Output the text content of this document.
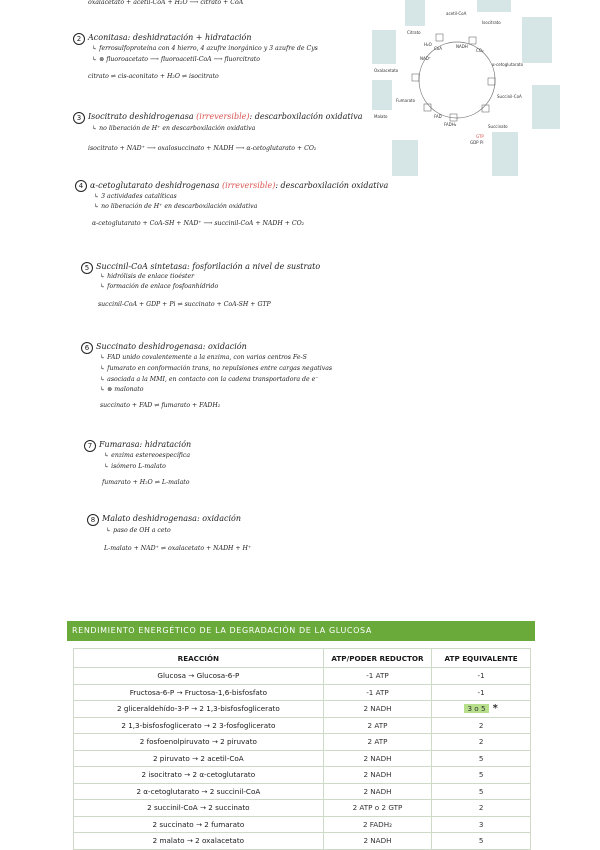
oxalacetato + acetil-CoA + H₂O ⟶ citrato + CoA
2 Aconitasa: deshidratación + hidratación
↳ ferrosulfoproteína con 4 hierro, 4 azufre inorgánico y 3 azufre de Cys
↳ ⊗ fluoroacetato ⟶ fluoroacetil-CoA ⟶ fluorcitrato
citrato ⇌ cis-aconitato + H₂O ⇌ isocitrato
3 Isocitrato deshidrogenasa (irreversible): descarboxilación oxidativa
↳ no liberación de H⁺ en descarboxilación oxidativa
isocitrato + NAD⁺ ⟶ oxalosuccinato + NADH ⟶ α-cetoglutarato + CO₂
4 α-cetoglutarato deshidrogenasa (irreversible): descarboxilación oxidativa
↳ 3 actividades catalíticas
↳ no liberación de H⁺ en descarboxilación oxidativa
α-cetoglutarato + CoA-SH + NAD⁺ ⟶ succinil-CoA + NADH + CO₂
5 Succinil-CoA sintetasa: fosforilación a nivel de sustrato
↳ hidrólisis de enlace tioéster
↳ formación de enlace fosfoanhídrido
succinil-CoA + GDP + Pi ⇌ succinato + CoA-SH + GTP
6 Succinato deshidrogenasa: oxidación
↳ FAD unido covalentemente a la enzima, con varios centros Fe-S
↳ fumarato en conformación trans, no repulsiones entre cargas negativas
↳ asociada a la MMI, en contacto con la cadena transportadora de e⁻
↳ ⊗ malonato
succinato + FAD ⇌ fumarato + FADH₂
7 Fumarasa: hidratación
↳ enzima estereoespecífica
↳ isómero L-malato
fumarato + H₂O ⇌ L-malato
8 Malato deshidrogenasa: oxidación
↳ paso de OH a ceto
L-malato + NAD⁺ ⇌ oxalacetato + NADH + H⁺
acetil-CoA
Citrato
Isocitrato
Oxalacetato
Malato
Fumarato
Succinato
Succinil-CoA
α-cetoglutarato
CoA	NADH
NAD⁺
H₂O
CO₂
FAD
FADH₂
GTP
GDP Pi
RENDIMIENTO ENERGÉTICO DE LA DEGRADACIÓN DE LA GLUCOSA
REACCIÓN	ATP/PODER REDUCTOR	ATP EQUIVALENTE
Glucosa → Glucosa-6-P	-1 ATP	-1
Fructosa-6-P → Fructosa-1,6-bisfosfato	-1 ATP	-1
2 gliceraldehído-3-P → 2 1,3-bisfosfoglicerato	2 NADH	3 o 5 *
2 1,3-bisfosfoglicerato → 2 3-fosfoglicerato	2 ATP	2
2 fosfoenolpiruvato → 2 piruvato	2 ATP	2
2 piruvato → 2 acetil-CoA	2 NADH	5
2 isocitrato → 2 α-cetoglutarato	2 NADH	5
2 α-cetoglutarato → 2 succinil-CoA	2 NADH	5
2 succinil-CoA → 2 succinato	2 ATP o 2 GTP	2
2 succinato → 2 fumarato	2 FADH₂	3
2 malato → 2 oxalacetato	2 NADH	5
